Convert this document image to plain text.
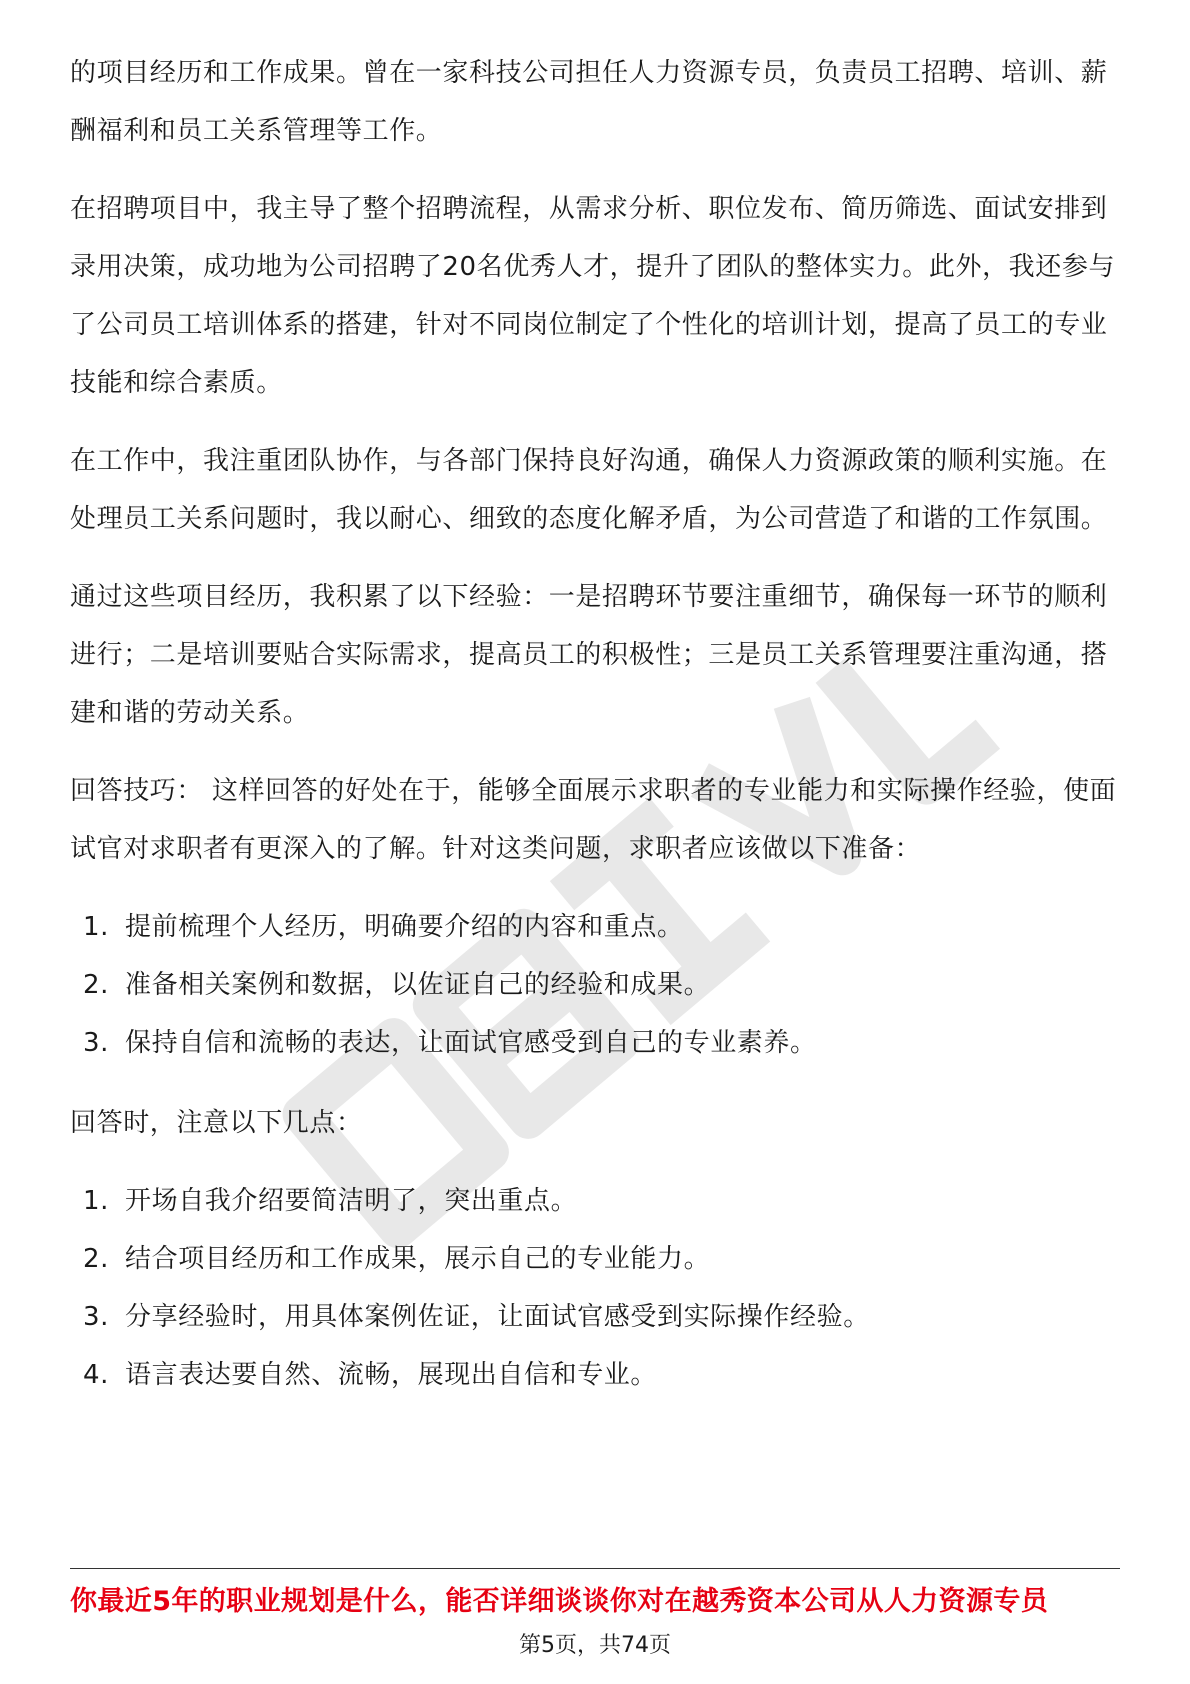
的项目经历和工作成果。曾在一家科技公司担任人力资源专员，负责员工招聘、培训、薪酬福利和员工关系管理等工作。

在招聘项目中，我主导了整个招聘流程，从需求分析、职位发布、简历筛选、面试安排到录用决策，成功地为公司招聘了20名优秀人才，提升了团队的整体实力。此外，我还参与了公司员工培训体系的搭建，针对不同岗位制定了个性化的培训计划，提高了员工的专业技能和综合素质。

在工作中，我注重团队协作，与各部门保持良好沟通，确保人力资源政策的顺利实施。在处理员工关系问题时，我以耐心、细致的态度化解矛盾，为公司营造了和谐的工作氛围。

通过这些项目经历，我积累了以下经验：一是招聘环节要注重细节，确保每一环节的顺利进行；二是培训要贴合实际需求，提高员工的积极性；三是员工关系管理要注重沟通，搭建和谐的劳动关系。

回答技巧： 这样回答的好处在于，能够全面展示求职者的专业能力和实际操作经验，使面试官对求职者有更深入的了解。针对这类问题，求职者应该做以下准备：

1. 提前梳理个人经历，明确要介绍的内容和重点。
2. 准备相关案例和数据，以佐证自己的经验和成果。
3. 保持自信和流畅的表达，让面试官感受到自己的专业素养。

回答时，注意以下几点：

1. 开场自我介绍要简洁明了，突出重点。
2. 结合项目经历和工作成果，展示自己的专业能力。
3. 分享经验时，用具体案例佐证，让面试官感受到实际操作经验。
4. 语言表达要自然、流畅，展现出自信和专业。
你最近5年的职业规划是什么，能否详细谈谈你对在越秀资本公司从人力资源专员
第5页，共74页
